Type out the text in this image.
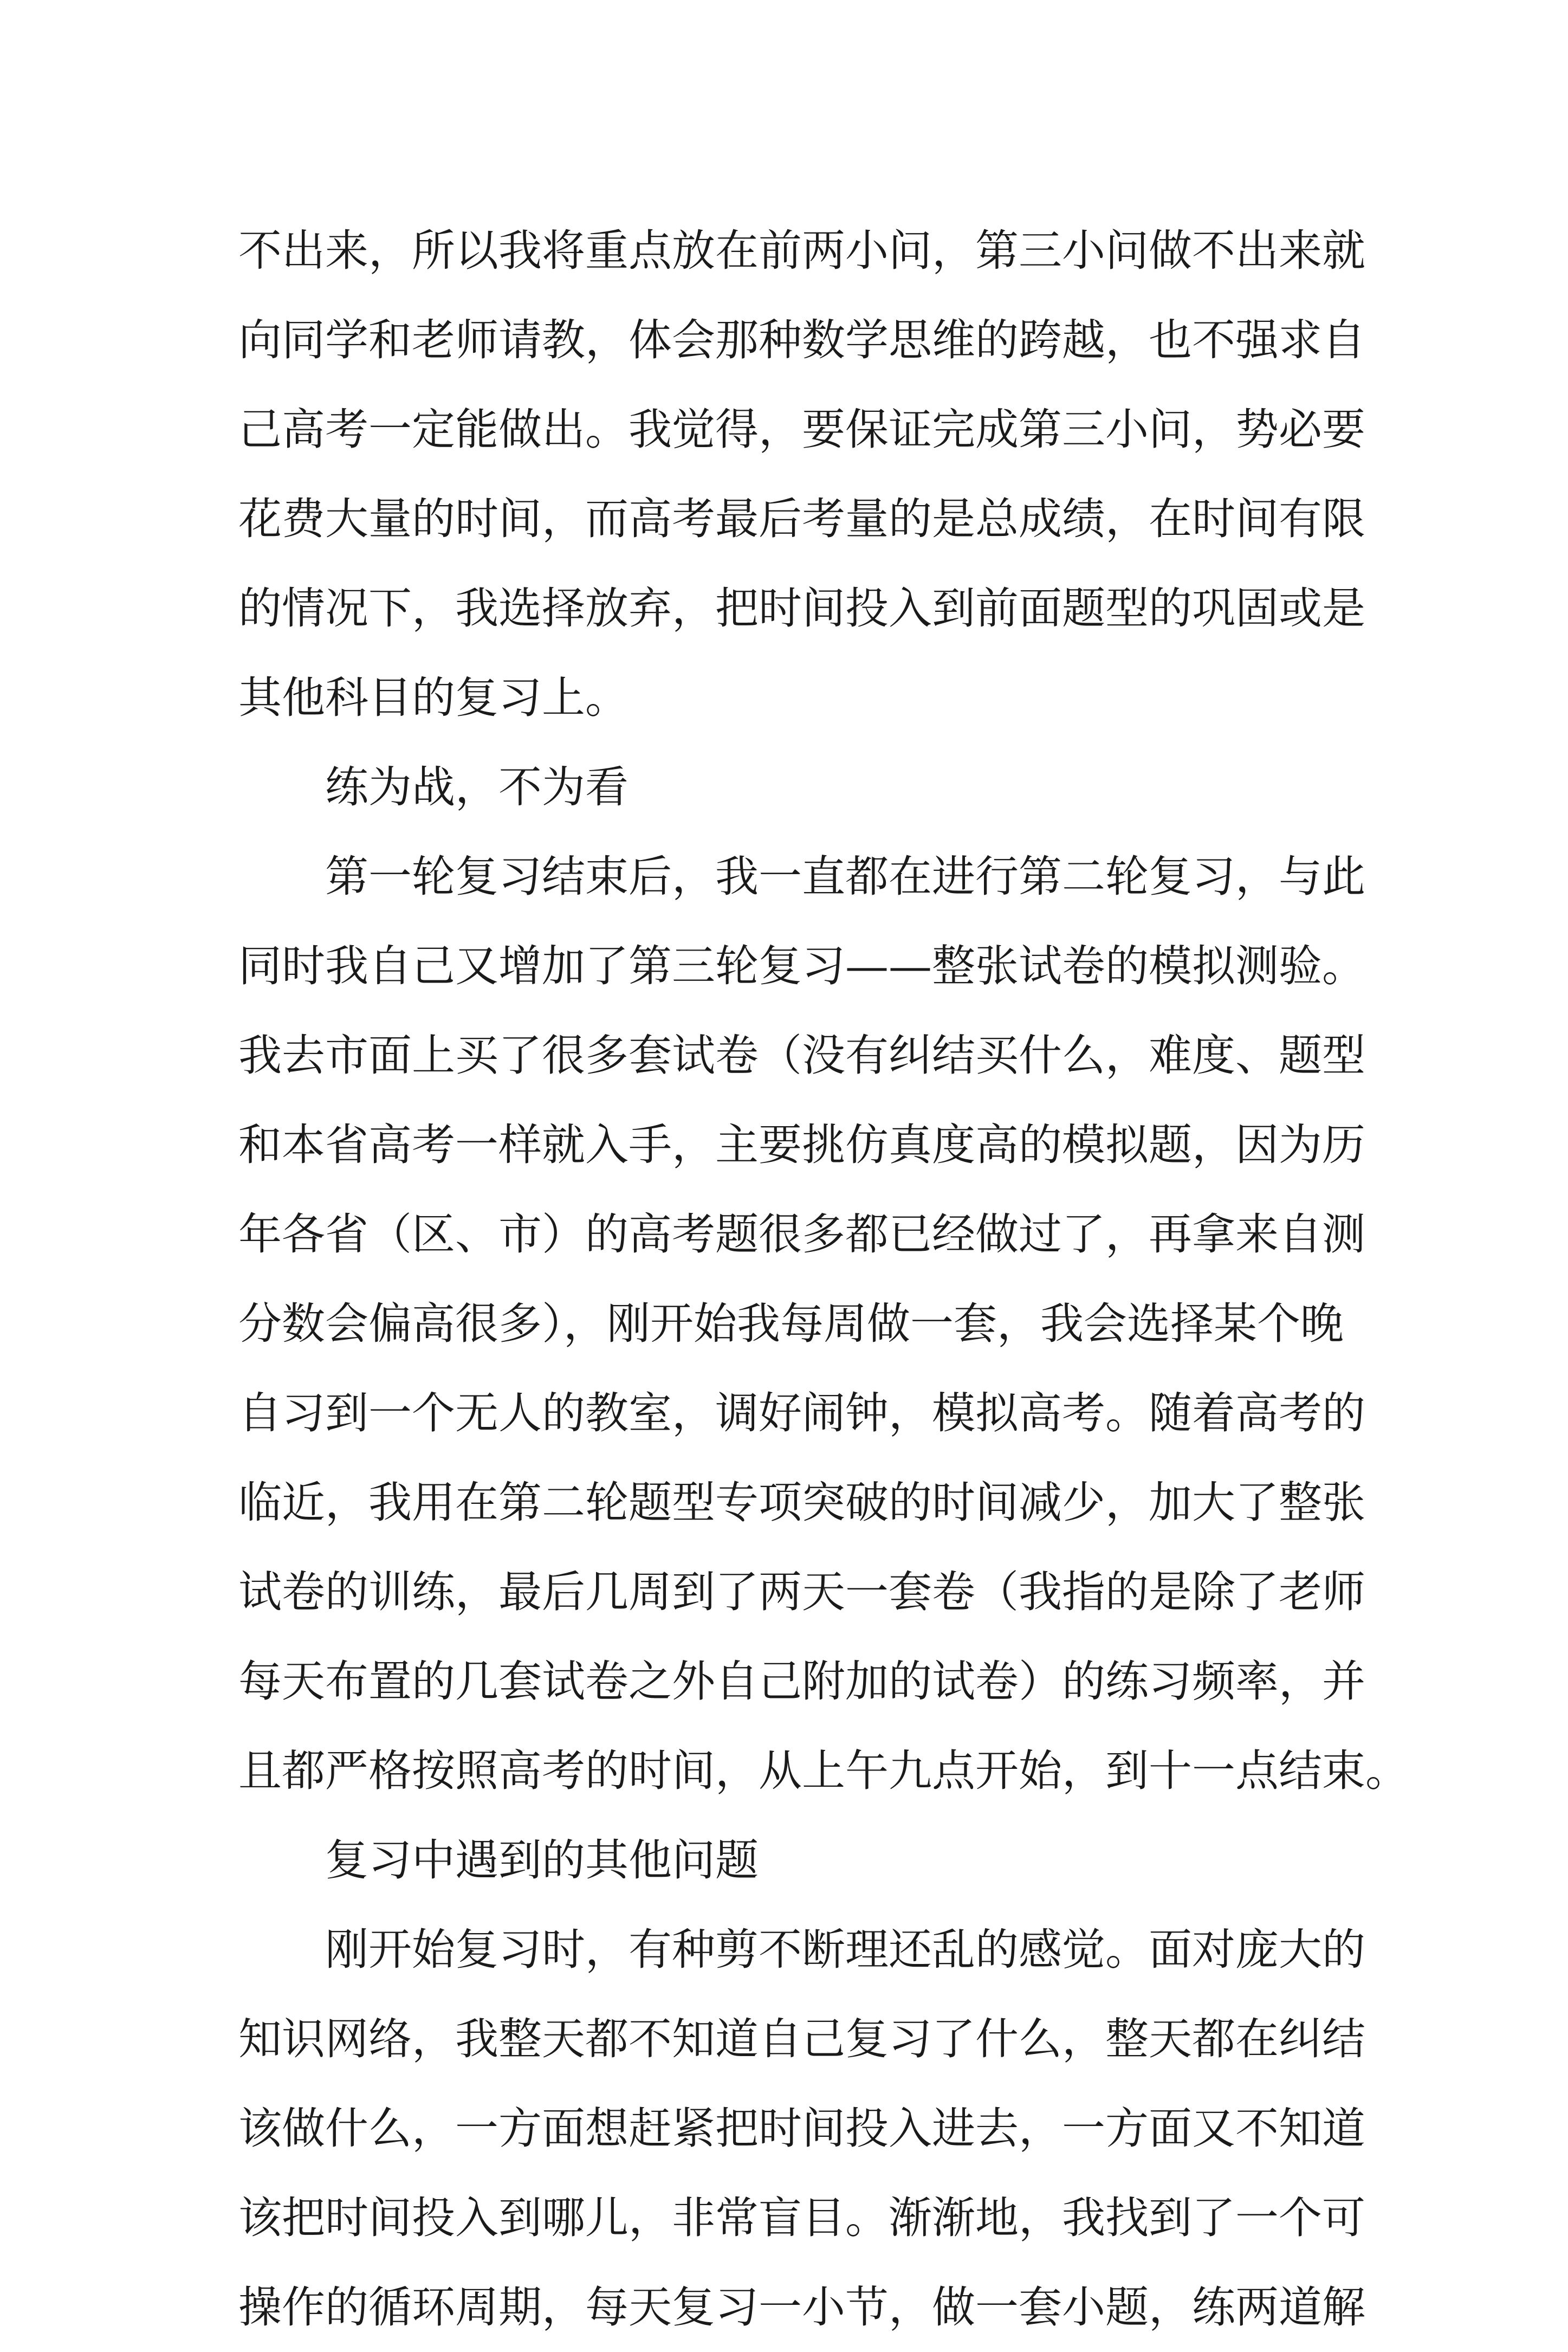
不出来，所以我将重点放在前两小问，第三小问做不出来就
向同学和老师请教，体会那种数学思维的跨越，也不强求自
己高考一定能做出。我觉得，要保证完成第三小问，势必要
花费大量的时间，而高考最后考量的是总成绩，在时间有限
的情况下，我选择放弃，把时间投入到前面题型的巩固或是
其他科目的复习上。
练为战，不为看
第一轮复习结束后，我一直都在进行第二轮复习，与此
同时我自己又增加了第三轮复习——整张试卷的模拟测验。
我去市面上买了很多套试卷（没有纠结买什么，难度、题型
和本省高考一样就入手，主要挑仿真度高的模拟题，因为历
年各省（区、市）的高考题很多都已经做过了，再拿来自测
分数会偏高很多），刚开始我每周做一套，我会选择某个晚
自习到一个无人的教室，调好闹钟，模拟高考。随着高考的
临近，我用在第二轮题型专项突破的时间减少，加大了整张
试卷的训练，最后几周到了两天一套卷（我指的是除了老师
每天布置的几套试卷之外自己附加的试卷）的练习频率，并
且都严格按照高考的时间，从上午九点开始，到十一点结束。
复习中遇到的其他问题
刚开始复习时，有种剪不断理还乱的感觉。面对庞大的
知识网络，我整天都不知道自己复习了什么，整天都在纠结
该做什么，一方面想赶紧把时间投入进去，一方面又不知道
该把时间投入到哪儿，非常盲目。渐渐地，我找到了一个可
操作的循环周期，每天复习一小节，做一套小题，练两道解
